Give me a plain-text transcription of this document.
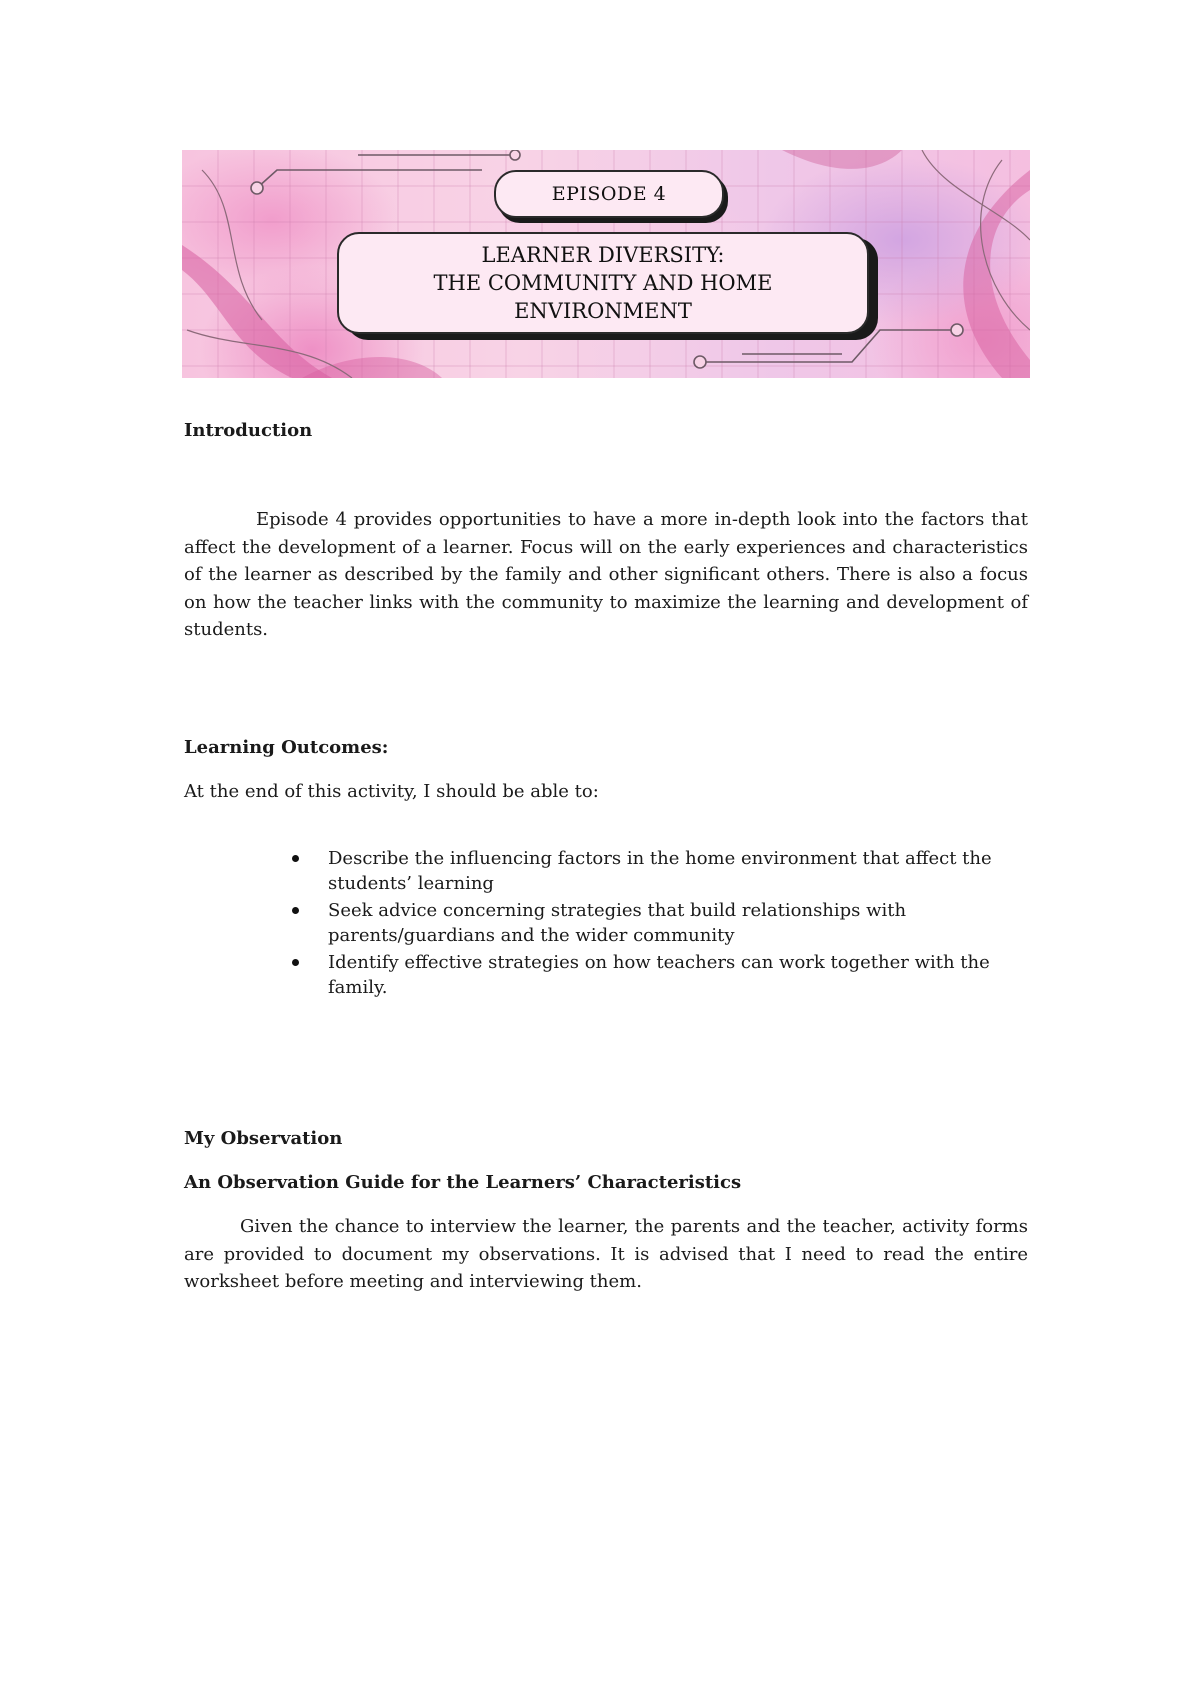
EPISODE 4
LEARNER DIVERSITY:
THE COMMUNITY AND HOME
ENVIRONMENT
Introduction

Episode 4 provides opportunities to have a more in-depth look into the factors that affect the development of a learner. Focus will on the early experiences and characteristics of the learner as described by the family and other significant others. There is also a focus on how the teacher links with the community to maximize the learning and development of students.

Learning Outcomes:

At the end of this activity, I should be able to:

Describe the influencing factors in the home environment that affect the students’ learning
Seek advice concerning strategies that build relationships with parents/guardians and the wider community
Identify effective strategies on how teachers can work together with the family.
My Observation
An Observation Guide for the Learners’ Characteristics

Given the chance to interview the learner, the parents and the teacher, activity forms are provided to document my observations. It is advised that I need to read the entire worksheet before meeting and interviewing them.
